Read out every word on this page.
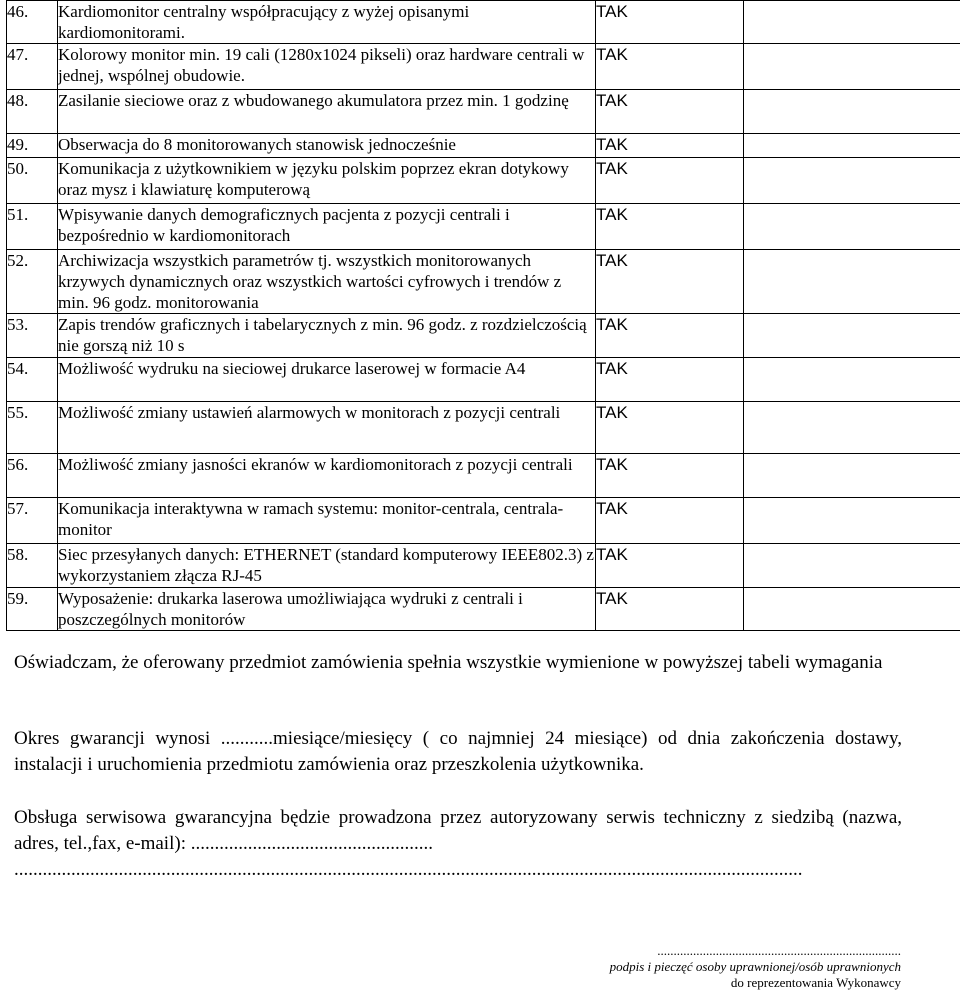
46.	Kardiomonitor centralny współpracujący z wyżej opisanymi kardiomonitorami.	TAK	
47.	Kolorowy monitor min. 19 cali (1280x1024 pikseli) oraz hardware centrali w jednej, wspólnej obudowie.	TAK	
48.	Zasilanie sieciowe oraz z wbudowanego akumulatora przez min. 1 godzinę	TAK	
49.	Obserwacja do 8 monitorowanych stanowisk jednocześnie	TAK	
50.	Komunikacja z użytkownikiem w języku polskim poprzez ekran dotykowy oraz mysz i klawiaturę komputerową	TAK	
51.	Wpisywanie danych demograficznych pacjenta z pozycji centrali i bezpośrednio w kardiomonitorach	TAK	
52.	Archiwizacja wszystkich parametrów tj. wszystkich monitorowanych krzywych dynamicznych oraz wszystkich wartości cyfrowych i trendów z min. 96 godz. monitorowania	TAK	
53.	Zapis trendów graficznych i tabelarycznych z min. 96 godz. z rozdzielczością nie gorszą niż 10 s	TAK	
54.	Możliwość wydruku na sieciowej drukarce laserowej w formacie A4	TAK	
55.	Możliwość zmiany ustawień alarmowych w monitorach z pozycji centrali	TAK	
56.	Możliwość zmiany jasności ekranów w kardiomonitorach z pozycji centrali	TAK	
57.	Komunikacja interaktywna w ramach systemu: monitor-centrala, centrala-monitor	TAK	
58.	Siec przesyłanych danych: ETHERNET (standard komputerowy IEEE802.3) z wykorzystaniem złącza RJ-45	TAK	
59.	Wyposażenie: drukarka laserowa umożliwiająca wydruki z centrali i poszczególnych monitorów	TAK	
Oświadczam, że oferowany przedmiot zamówienia spełnia wszystkie wymienione w powyższej tabeli wymagania
Okres gwarancji wynosi ...........miesiące/miesięcy ( co najmniej 24 miesiące) od dnia zakończenia dostawy, instalacji i uruchomienia przedmiotu zamówienia oraz przeszkolenia użytkownika.
Obsługa serwisowa gwarancyjna będzie prowadzona przez autoryzowany serwis techniczny z siedzibą (nazwa, adres, tel.,fax, e-mail): ...................................................
......................................................................................................................................................................
...........................................................................
podpis i pieczęć osoby uprawnionej/osób uprawnionych
do reprezentowania Wykonawcy
